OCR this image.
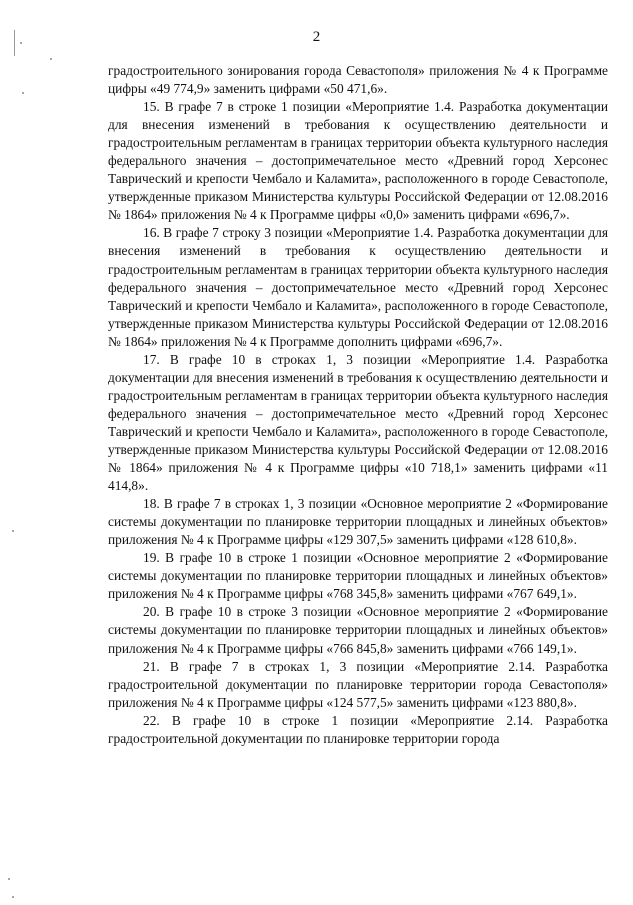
2

градостроительного зонирования города Севастополя» приложения № 4 к Программе цифры «49 774,9» заменить цифрами «50 471,6».

15. В графе 7 в строке 1 позиции «Мероприятие 1.4. Разработка документации для внесения изменений в требования к осуществлению деятельности и градостроительным регламентам в границах территории объекта культурного наследия федерального значения – достопримечательное место «Древний город Херсонес Таврический и крепости Чембало и Каламита», расположенного в городе Севастополе, утвержденные приказом Министерства культуры Российской Федерации от 12.08.2016 № 1864» приложения № 4 к Программе цифры «0,0» заменить цифрами «696,7».

16. В графе 7 строку 3 позиции «Мероприятие 1.4. Разработка документации для внесения изменений в требования к осуществлению деятельности и градостроительным регламентам в границах территории объекта культурного наследия федерального значения – достопримечательное место «Древний город Херсонес Таврический и крепости Чембало и Каламита», расположенного в городе Севастополе, утвержденные приказом Министерства культуры Российской Федерации от 12.08.2016 № 1864» приложения № 4 к Программе дополнить цифрами «696,7».

17. В графе 10 в строках 1, 3 позиции «Мероприятие 1.4. Разработка документации для внесения изменений в требования к осуществлению деятельности и градостроительным регламентам в границах территории объекта культурного наследия федерального значения – достопримечательное место «Древний город Херсонес Таврический и крепости Чембало и Каламита», расположенного в городе Севастополе, утвержденные приказом Министерства культуры Российской Федерации от 12.08.2016 № 1864» приложения № 4 к Программе цифры «10 718,1» заменить цифрами «11 414,8».

18. В графе 7 в строках 1, 3 позиции «Основное мероприятие 2 «Формирование системы документации по планировке территории площадных и линейных объектов» приложения № 4 к Программе цифры «129 307,5» заменить цифрами «128 610,8».

19. В графе 10 в строке 1 позиции «Основное мероприятие 2 «Формирование системы документации по планировке территории площадных и линейных объектов» приложения № 4 к Программе цифры «768 345,8» заменить цифрами «767 649,1».

20. В графе 10 в строке 3 позиции «Основное мероприятие 2 «Формирование системы документации по планировке территории площадных и линейных объектов» приложения № 4 к Программе цифры «766 845,8» заменить цифрами «766 149,1».

21. В графе 7 в строках 1, 3 позиции «Мероприятие 2.14. Разработка градостроительной документации по планировке территории города Севастополя» приложения № 4 к Программе цифры «124 577,5» заменить цифрами «123 880,8».

22. В графе 10 в строке 1 позиции «Мероприятие 2.14. Разработка градостроительной документации по планировке территории города
